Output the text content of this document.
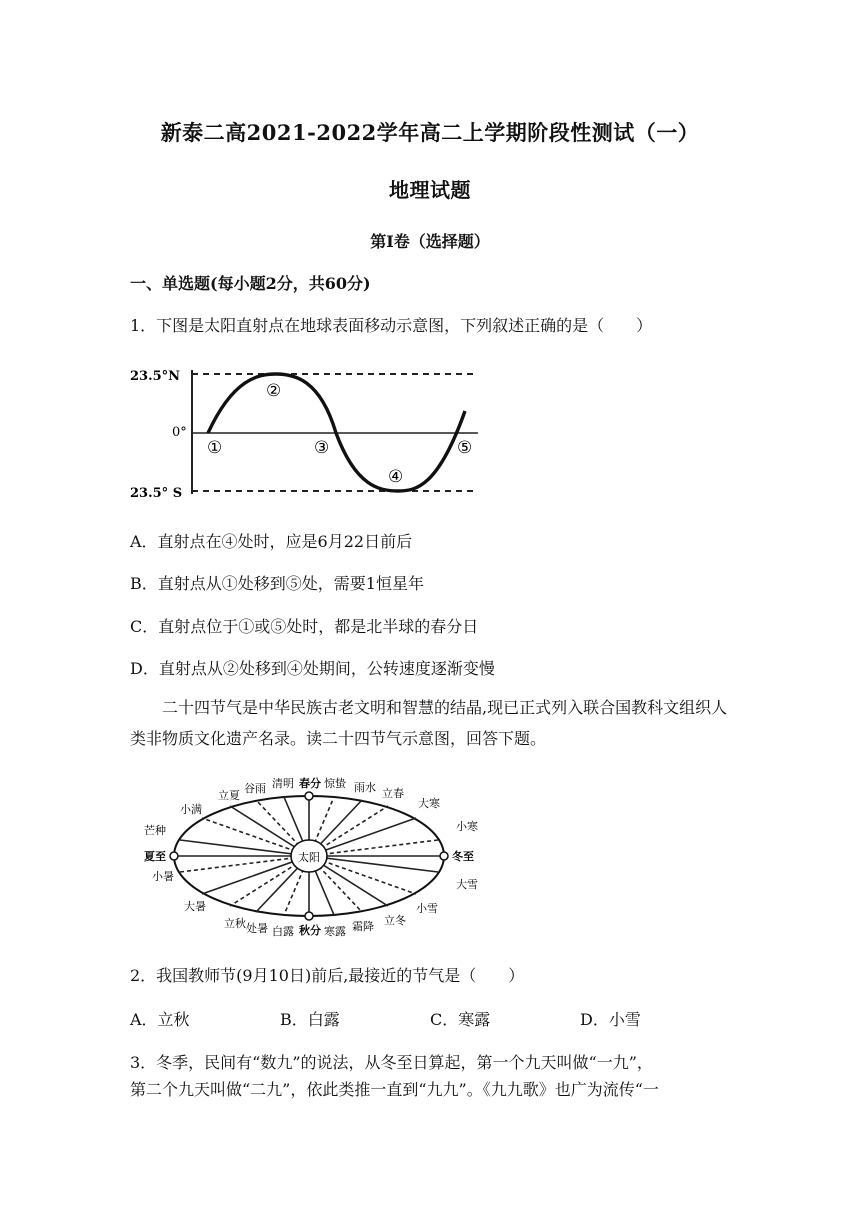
新泰二高2021-2022学年高二上学期阶段性测试（一）
地理试题
第Ⅰ卷（选择题）
一、单选题(每小题2分，共60分)
1．下图是太阳直射点在地球表面移动示意图，下列叙述正确的是（　　）
23.5°N
0°
23.5° S
①
②
③
④
⑤
A．直射点在④处时，应是6月22日前后
B．直射点从①处移到⑤处，需要1恒星年
C．直射点位于①或⑤处时，都是北半球的春分日
D．直射点从②处移到④处期间，公转速度逐渐变慢
二十四节气是中华民族古老文明和智慧的结晶,现已正式列入联合国教科文组织人类非物质文化遗产名录。读二十四节气示意图，回答下题。
太阳
夏至	冬至
春分
秋分
立夏
谷雨 清明	惊蛰 雨水 立春
立秋 处暑 白露	寒露 霜降 立冬
小满
芒种
小暑
大暑
大寒
小寒
大雪
小雪
2．我国教师节(9月10日)前后,最接近的节气是（　　）
A．立秋	B．白露	C．寒露	D．小雪
3．冬季，民间有“数九”的说法，从冬至日算起，第一个九天叫做“一九”，
第二个九天叫做“二九”，依此类推一直到“九九”。《九九歌》也广为流传“一
